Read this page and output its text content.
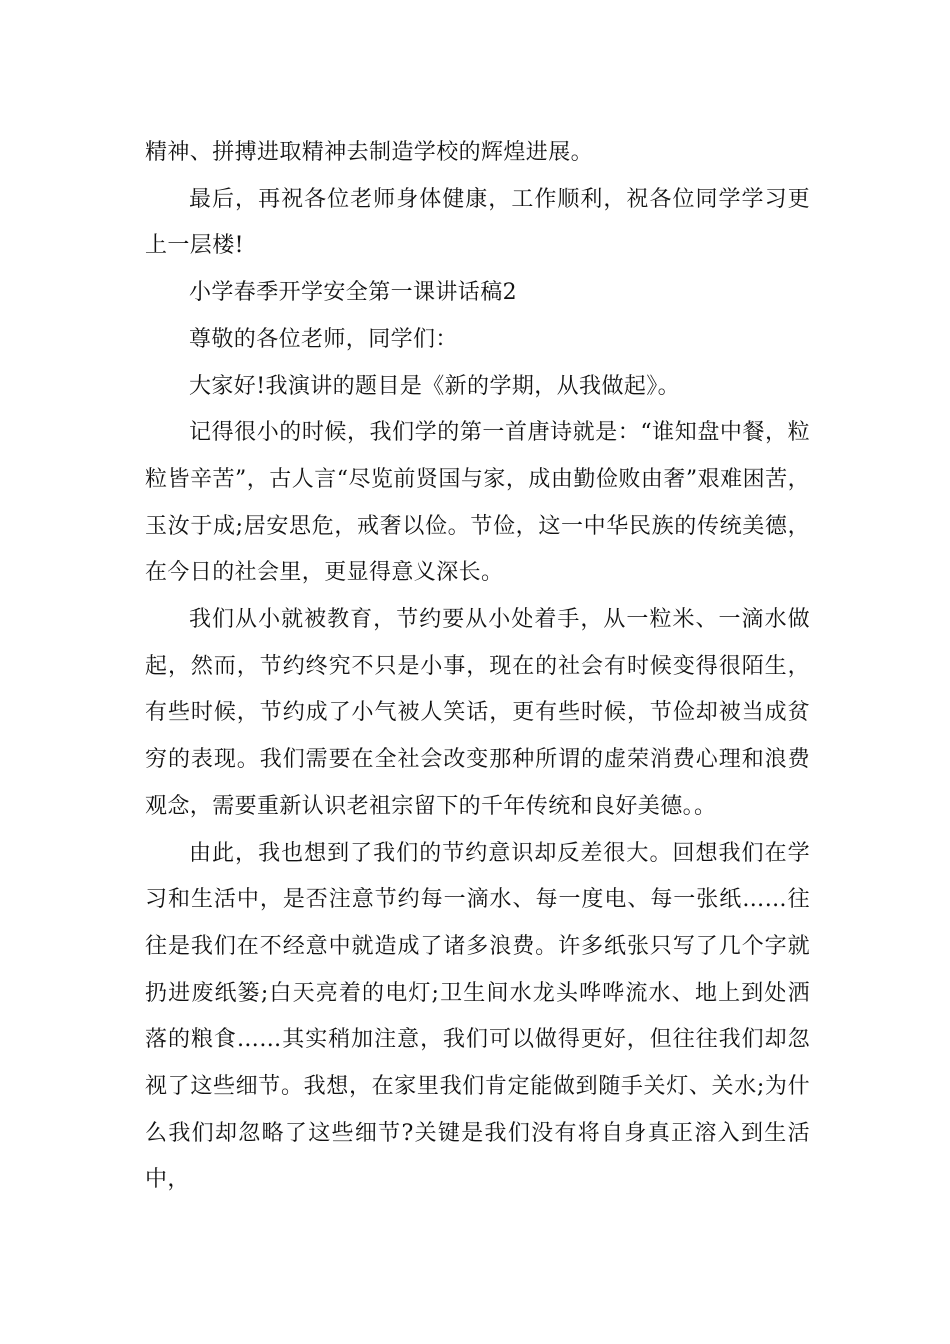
精神、拼搏进取精神去制造学校的辉煌进展。

最后，再祝各位老师身体健康，工作顺利，祝各位同学学习更上一层楼!

小学春季开学安全第一课讲话稿2

尊敬的各位老师，同学们：

大家好!我演讲的题目是《新的学期，从我做起》。

记得很小的时候，我们学的第一首唐诗就是：“谁知盘中餐，粒粒皆辛苦”，古人言“尽览前贤国与家，成由勤俭败由奢”艰难困苦，玉汝于成;居安思危，戒奢以俭。节俭，这一中华民族的传统美德，在今日的社会里，更显得意义深长。

我们从小就被教育，节约要从小处着手，从一粒米、一滴水做起，然而，节约终究不只是小事，现在的社会有时候变得很陌生，有些时候，节约成了小气被人笑话，更有些时候，节俭却被当成贫穷的表现。我们需要在全社会改变那种所谓的虚荣消费心理和浪费观念，需要重新认识老祖宗留下的千年传统和良好美德。。

由此，我也想到了我们的节约意识却反差很大。回想我们在学习和生活中，是否注意节约每一滴水、每一度电、每一张纸……往往是我们在不经意中就造成了诸多浪费。许多纸张只写了几个字就扔进废纸篓;白天亮着的电灯;卫生间水龙头哗哗流水、地上到处洒落的粮食……其实稍加注意，我们可以做得更好，但往往我们却忽视了这些细节。我想，在家里我们肯定能做到随手关灯、关水;为什么我们却忽略了这些细节?关键是我们没有将自身真正溶入到生活中，
